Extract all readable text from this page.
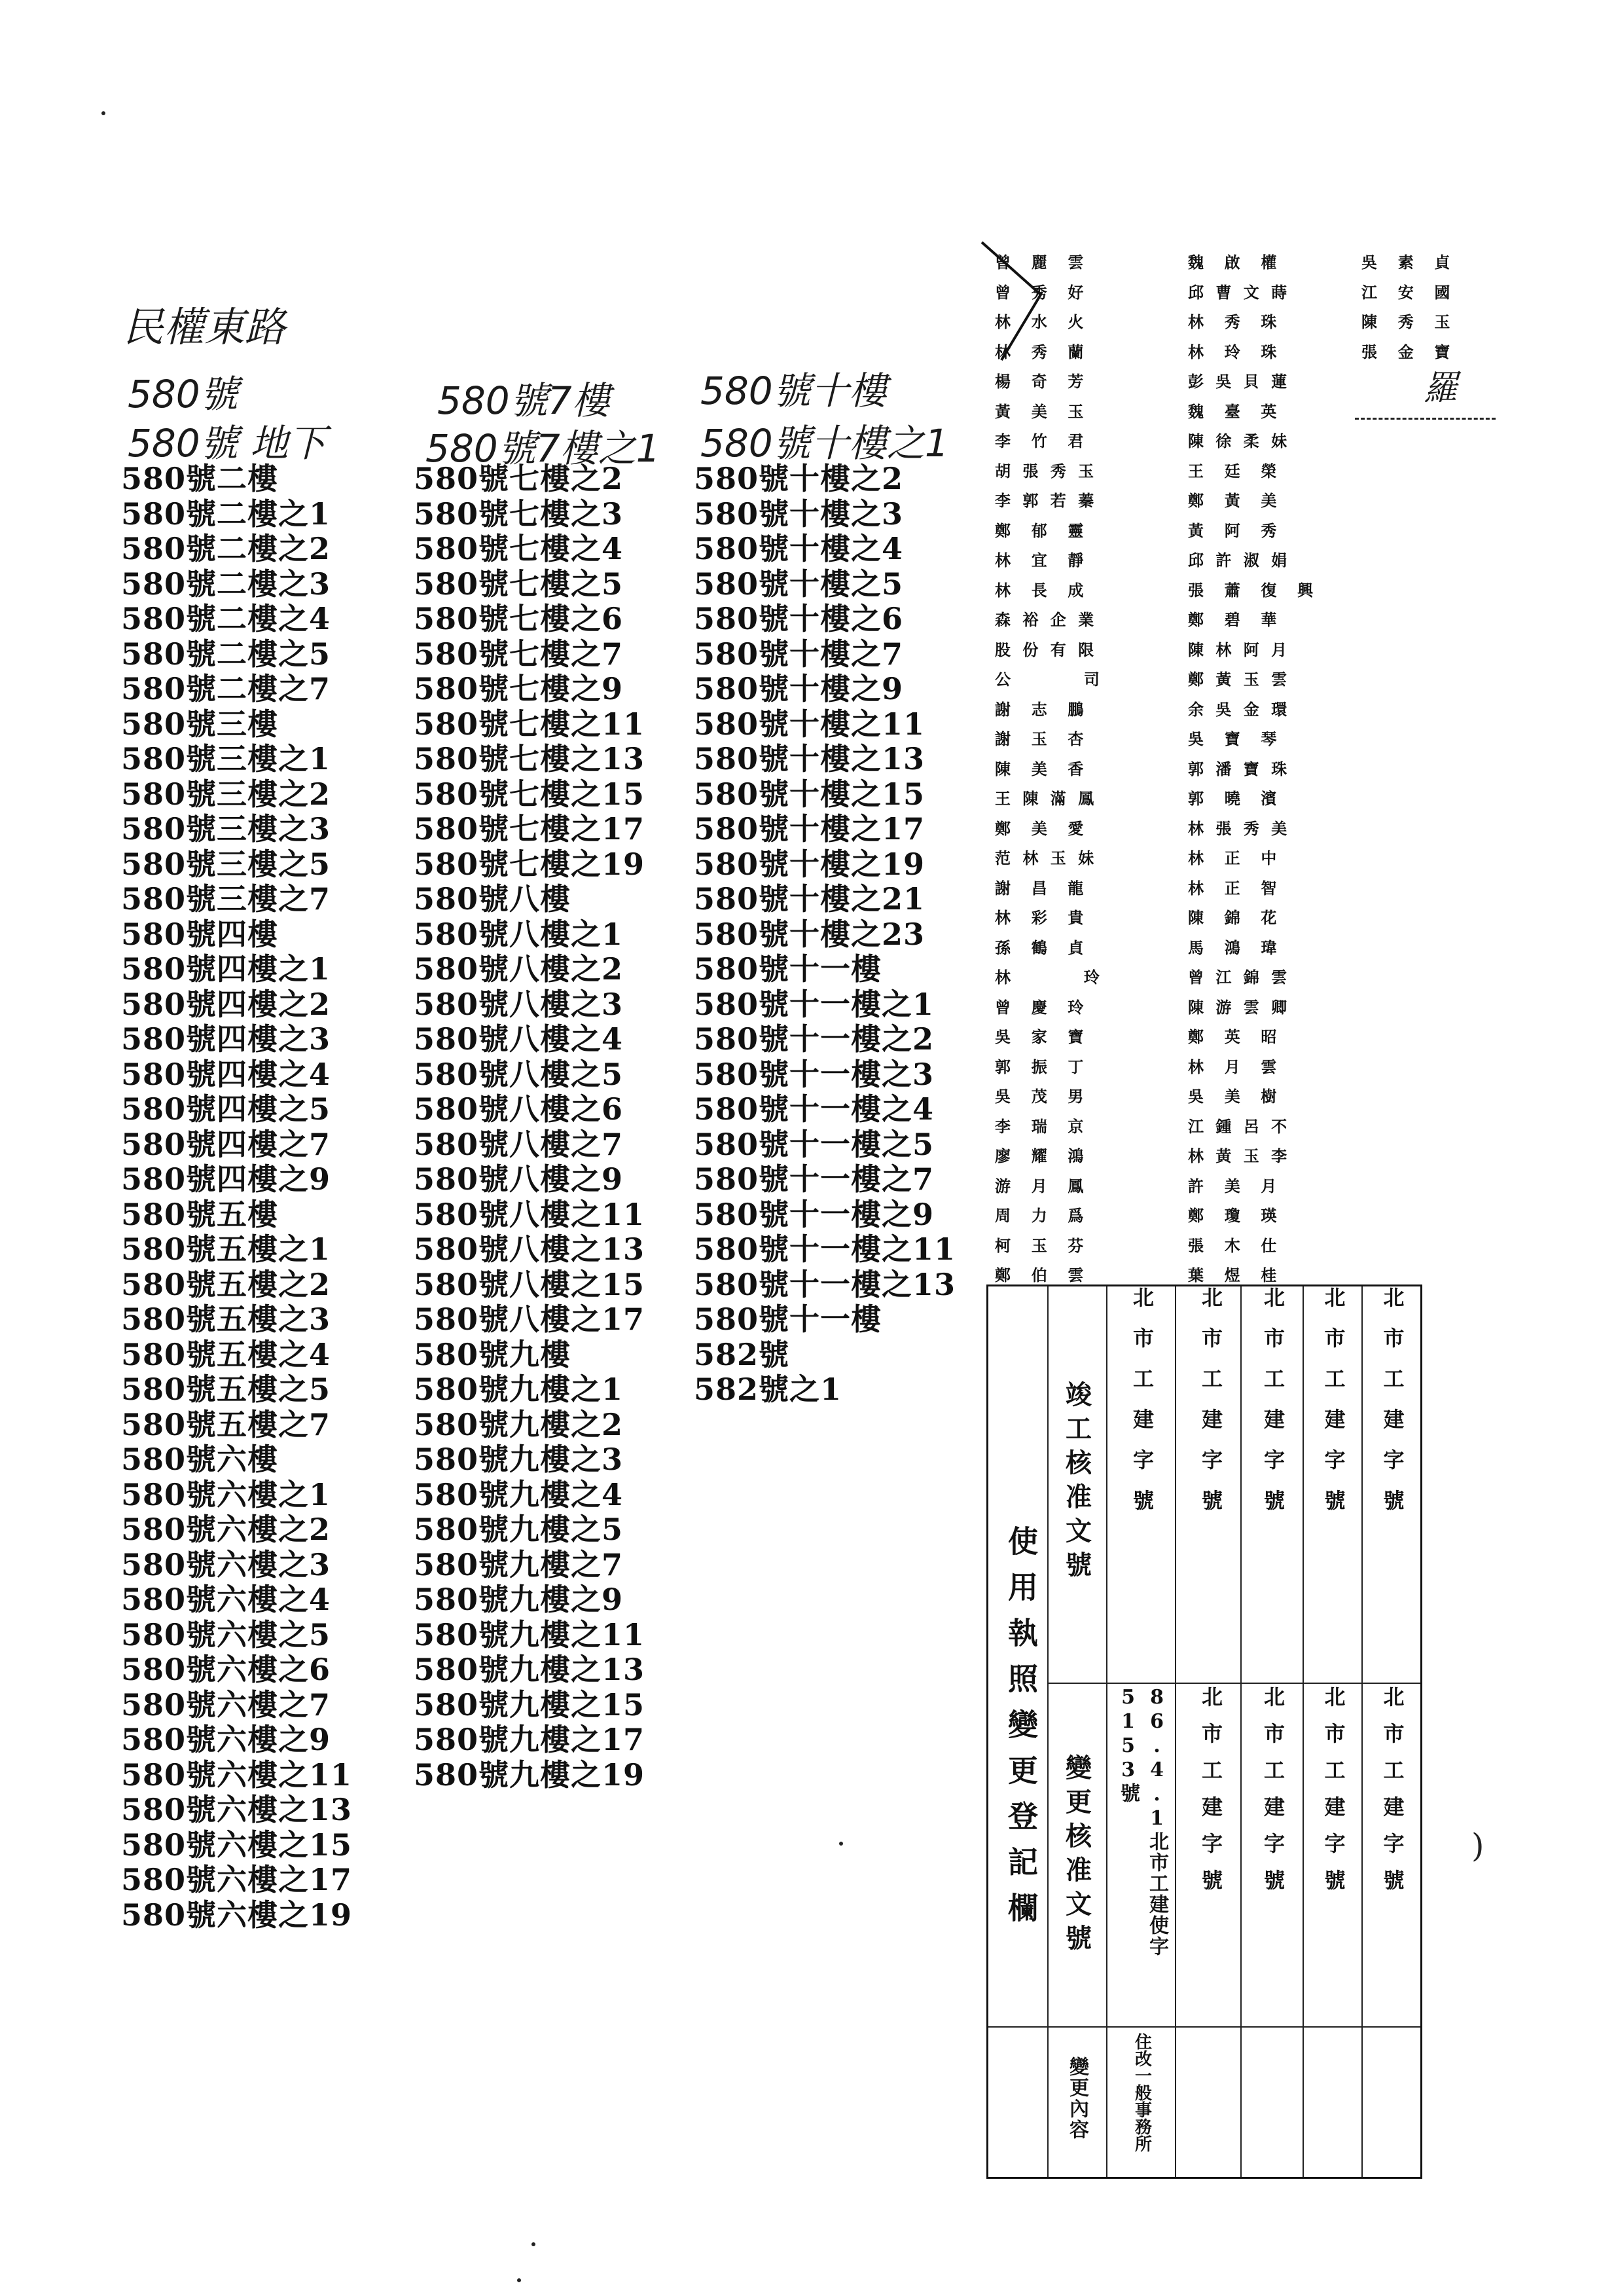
民權東路
580號
580號 地下
580號7樓
580號7樓之1
580號十樓
580號十樓之1
580號二樓
580號二樓之1
580號二樓之2
580號二樓之3
580號二樓之4
580號二樓之5
580號二樓之7
580號三樓
580號三樓之1
580號三樓之2
580號三樓之3
580號三樓之5
580號三樓之7
580號四樓
580號四樓之1
580號四樓之2
580號四樓之3
580號四樓之4
580號四樓之5
580號四樓之7
580號四樓之9
580號五樓
580號五樓之1
580號五樓之2
580號五樓之3
580號五樓之4
580號五樓之5
580號五樓之7
580號六樓
580號六樓之1
580號六樓之2
580號六樓之3
580號六樓之4
580號六樓之5
580號六樓之6
580號六樓之7
580號六樓之9
580號六樓之11
580號六樓之13
580號六樓之15
580號六樓之17
580號六樓之19
580號七樓之2
580號七樓之3
580號七樓之4
580號七樓之5
580號七樓之6
580號七樓之7
580號七樓之9
580號七樓之11
580號七樓之13
580號七樓之15
580號七樓之17
580號七樓之19
580號八樓
580號八樓之1
580號八樓之2
580號八樓之3
580號八樓之4
580號八樓之5
580號八樓之6
580號八樓之7
580號八樓之9
580號八樓之11
580號八樓之13
580號八樓之15
580號八樓之17
580號九樓
580號九樓之1
580號九樓之2
580號九樓之3
580號九樓之4
580號九樓之5
580號九樓之7
580號九樓之9
580號九樓之11
580號九樓之13
580號九樓之15
580號九樓之17
580號九樓之19
580號十樓之2
580號十樓之3
580號十樓之4
580號十樓之5
580號十樓之6
580號十樓之7
580號十樓之9
580號十樓之11
580號十樓之13
580號十樓之15
580號十樓之17
580號十樓之19
580號十樓之21
580號十樓之23
580號十一樓
580號十一樓之1
580號十一樓之2
580號十一樓之3
580號十一樓之4
580號十一樓之5
580號十一樓之7
580號十一樓之9
580號十一樓之11
580號十一樓之13
580號十一樓
582號
582號之1
曾  麗  雲
曾  秀  好
林  水  火
林  秀  蘭
楊  奇  芳
黃  美  玉
李  竹  君
胡 張 秀 玉
李 郭 若 蓁
鄭  郁  靈
林  宜  靜
林  長  成
森 裕 企 業
股 份 有 限
公        司
謝  志  鵬
謝  玉  杏
陳  美  香
王 陳 滿 鳳
鄭  美  愛
范 林 玉 妹
謝  昌  龍
林  彩  貴
孫  鶴  貞
林        玲
曾  慶  玲
吳  家  寶
郭  振  丁
吳  茂  男
李  瑞  京
廖  耀  鴻
游  月  鳳
周  力  爲
柯  玉  芬
鄭  伯  雲
魏  啟  權
邱 曹 文 蒔
林  秀  珠
林  玲  珠
彭 吳 貝 蓮
魏  臺  英
陳 徐 柔 妹
王  廷  榮
鄭  黃  美
黃  阿  秀
邱 許 淑 娟
張  蕭  復  興
鄭  碧  華
陳 林 阿 月
鄭 黃 玉 雲
余 吳 金 環
吳  寶  琴
郭 潘 寶 珠
郭  曉  濱
林 張 秀 美
林  正  中
林  正  智
陳  錦  花
馬  鴻  瑋
曾 江 錦 雲
陳 游 雲 卿
鄭  英  昭
林  月  雲
吳  美  樹
江 鍾 呂 不
林 黃 玉 李
許  美  月
鄭  瓊  瑛
張  木  仕
葉  煜  桂
吳  素  貞
江  安  國
陳  秀  玉
張  金  寶
羅
使用執照變更登記欄
竣工核准文號
變更核准文號
變更內容
86.4.1北市工建使字5153號
住改一般事務所
北市工建字號	北市工建字號
北市工建字號
北市工建字號
北市工建字號
北市工建字號
北市工建字號
北市工建字號
北市工建字號	)
